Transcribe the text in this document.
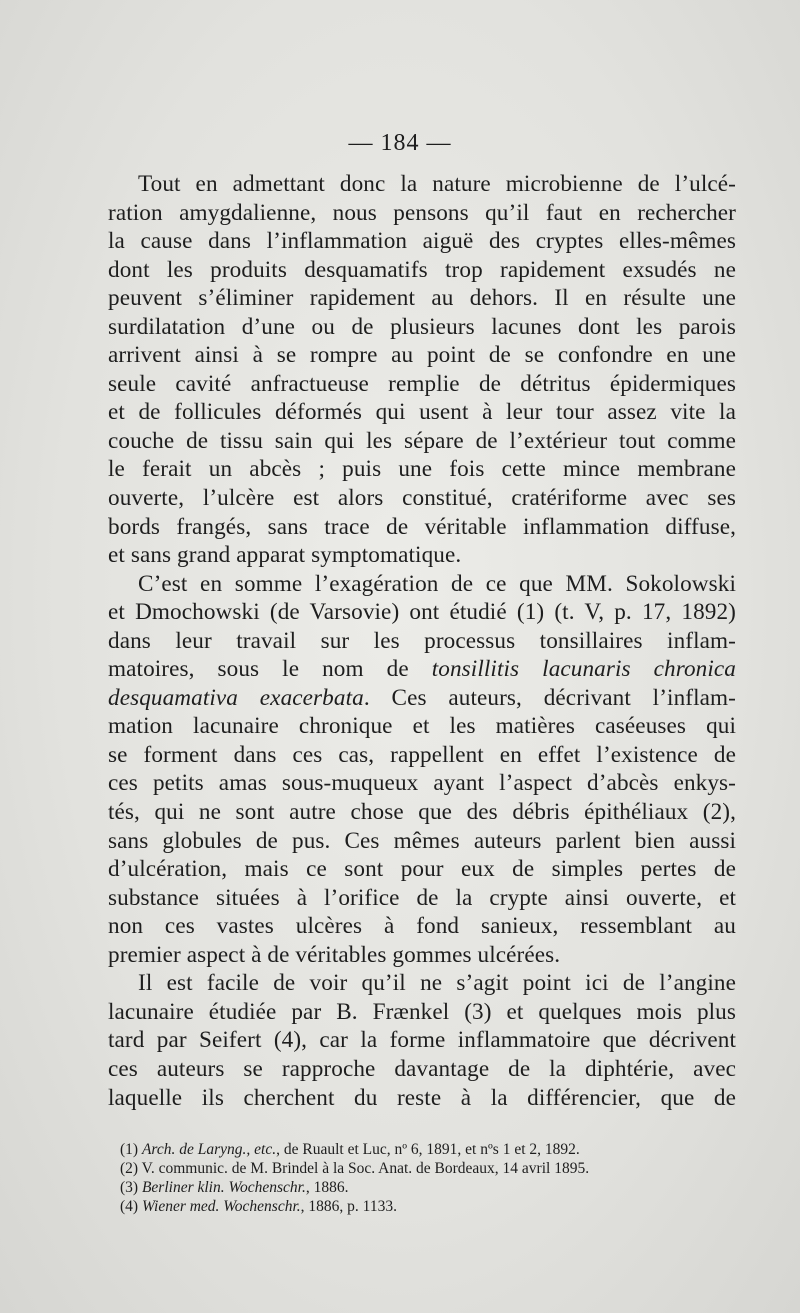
— 184 —
Tout en admettant donc la nature microbienne de l’ulcé-
ration amygdalienne, nous pensons qu’il faut en rechercher
la cause dans l’inflammation aiguë des cryptes elles-mêmes
dont les produits desquamatifs trop rapidement exsudés ne
peuvent s’éliminer rapidement au dehors. Il en résulte une
surdilatation d’une ou de plusieurs lacunes dont les parois
arrivent ainsi à se rompre au point de se confondre en une
seule cavité anfractueuse remplie de détritus épidermiques
et de follicules déformés qui usent à leur tour assez vite la
couche de tissu sain qui les sépare de l’extérieur tout comme
le ferait un abcès ; puis une fois cette mince membrane
ouverte, l’ulcère est alors constitué, cratériforme avec ses
bords frangés, sans trace de véritable inflammation diffuse,
et sans grand apparat symptomatique.
C’est en somme l’exagération de ce que MM. Sokolowski
et Dmochowski (de Varsovie) ont étudié (1) (t. V, p. 17, 1892)
dans leur travail sur les processus tonsillaires inflam-
matoires, sous le nom de tonsillitis lacunaris chronica
desquamativa exacerbata. Ces auteurs, décrivant l’inflam-
mation lacunaire chronique et les matières caséeuses qui
se forment dans ces cas, rappellent en effet l’existence de
ces petits amas sous-muqueux ayant l’aspect d’abcès enkys-
tés, qui ne sont autre chose que des débris épithéliaux (2),
sans globules de pus. Ces mêmes auteurs parlent bien aussi
d’ulcération, mais ce sont pour eux de simples pertes de
substance situées à l’orifice de la crypte ainsi ouverte, et
non ces vastes ulcères à fond sanieux, ressemblant au
premier aspect à de véritables gommes ulcérées.
Il est facile de voir qu’il ne s’agit point ici de l’angine
lacunaire étudiée par B. Frænkel (3) et quelques mois plus
tard par Seifert (4), car la forme inflammatoire que décrivent
ces auteurs se rapproche davantage de la diphtérie, avec
laquelle ils cherchent du reste à la différencier, que de
(1) Arch. de Laryng., etc., de Ruault et Luc, nº 6, 1891, et nºs 1 et 2, 1892.
(2) V. communic. de M. Brindel à la Soc. Anat. de Bordeaux, 14 avril 1895.
(3) Berliner klin. Wochenschr., 1886.
(4) Wiener med. Wochenschr., 1886, p. 1133.
